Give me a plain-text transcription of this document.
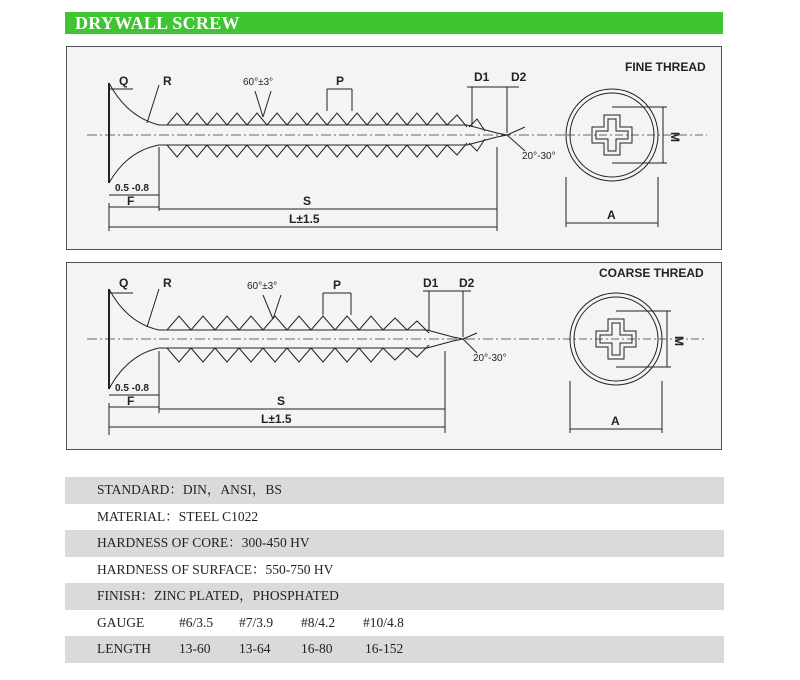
DRYWALL SCREW
Q	R	60°±3°	P	D1 D2
20°-30°
FINE THREAD
M
0.5 -0.8
F	S
L±1.5	A
Q	R	60°±3°	P	D1 D2
20°-30°
COARSE THREAD
M
0.5 -0.8
F	S
L±1.5	A
STANDARD：DIN，ANSI，BS
MATERIAL：STEEL C1022
HARDNESS OF CORE：300-450 HV
HARDNESS OF SURFACE：550-750 HV
FINISH：ZINC PLATED，PHOSPHATED
GAUGE	#6/3.5 #7/3.9 #8/4.2 #10/4.8
LENGTH 13-60 13-64 16-80 16-152
